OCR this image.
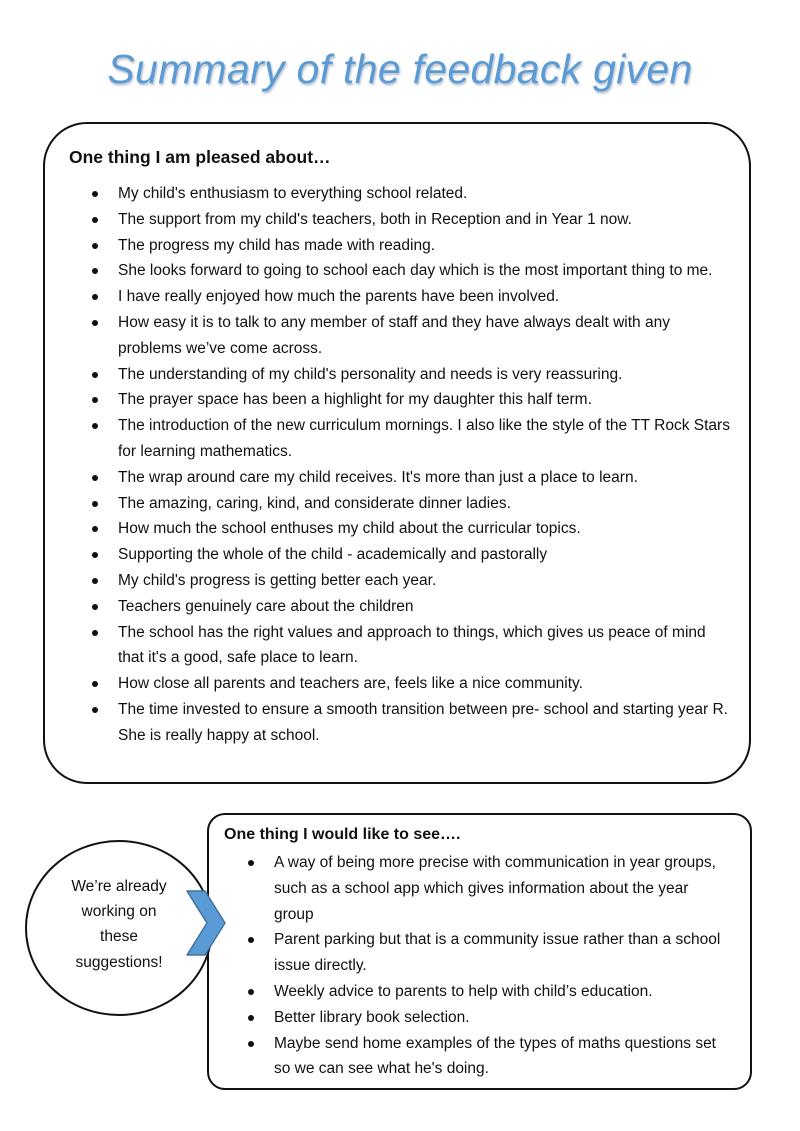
Summary of the feedback given
One thing I am pleased about…
My child's enthusiasm to everything school related.
The support from my child's teachers, both in Reception and in Year 1 now.
The progress my child has made with reading.
She looks forward to going to school each day which is the most important thing to me.
I have really enjoyed how much the parents have been involved.
How easy it is to talk to any member of staff and they have always dealt with any problems we’ve come across.
The understanding of my child's personality and needs is very reassuring.
The prayer space has been a highlight for my daughter this half term.
The introduction of the new curriculum mornings. I also like the style of the TT Rock Stars for learning mathematics.
The wrap around care my child receives. It's more than just a place to learn.
The amazing, caring, kind, and considerate dinner ladies.
How much the school enthuses my child about the curricular topics.
Supporting the whole of the child - academically and pastorally
My child's progress is getting better each year.
Teachers genuinely care about the children
The school has the right values and approach to things, which gives us peace of mind that it's a good, safe place to learn.
How close all parents and teachers are, feels like a nice community.
The time invested to ensure a smooth transition between pre- school and starting year R. She is really happy at school.
We’re already
working on
these
suggestions!
One thing I would like to see….
A way of being more precise with communication in year groups, such as a school app which gives information about the year group
Parent parking but that is a community issue rather than a school issue directly.
Weekly advice to parents to help with child’s education.
Better library book selection.
Maybe send home examples of the types of maths questions set so we can see what he's doing.
